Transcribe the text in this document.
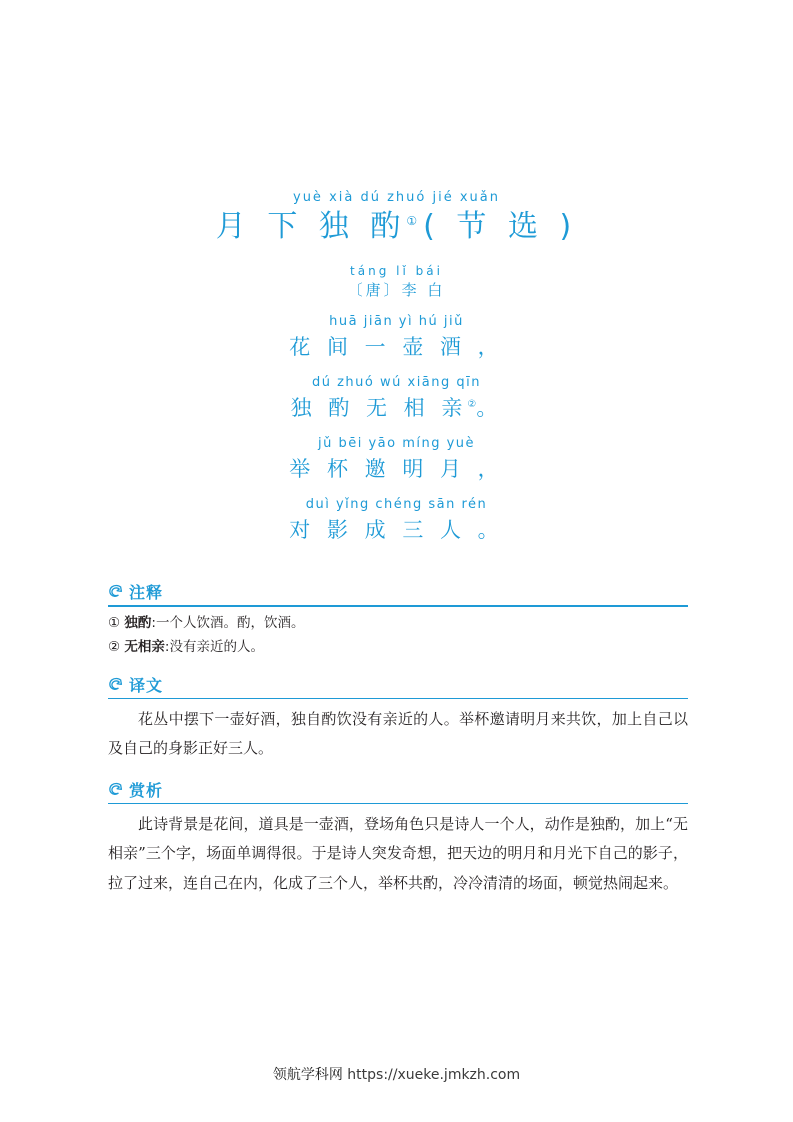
yuè xià dú zhuó jié xuǎn
月 下 独 酌①( 节 选 )
táng lǐ bái
〔唐〕李 白
huā jiān yì hú jiǔ
花 间 一 壶 酒 ，
dú zhuó wú xiāng qīn
独 酌 无 相 亲②。
jǔ bēi yāo míng yuè
举 杯 邀 明 月 ，
duì yǐng chéng sān rén
对 影 成 三 人 。
注释

① 独酌:一个人饮酒。酌，饮酒。

② 无相亲:没有亲近的人。

译文

花丛中摆下一壶好酒，独自酌饮没有亲近的人。举杯邀请明月来共饮，加上自己以及自己的身影正好三人。

赏析

此诗背景是花间，道具是一壶酒，登场角色只是诗人一个人，动作是独酌，加上“无相亲”三个字，场面单调得很。于是诗人突发奇想，把天边的明月和月光下自己的影子，拉了过来，连自己在内，化成了三个人，举杯共酌，冷冷清清的场面，顿觉热闹起来。

领航学科网 https://xueke.jmkzh.com
